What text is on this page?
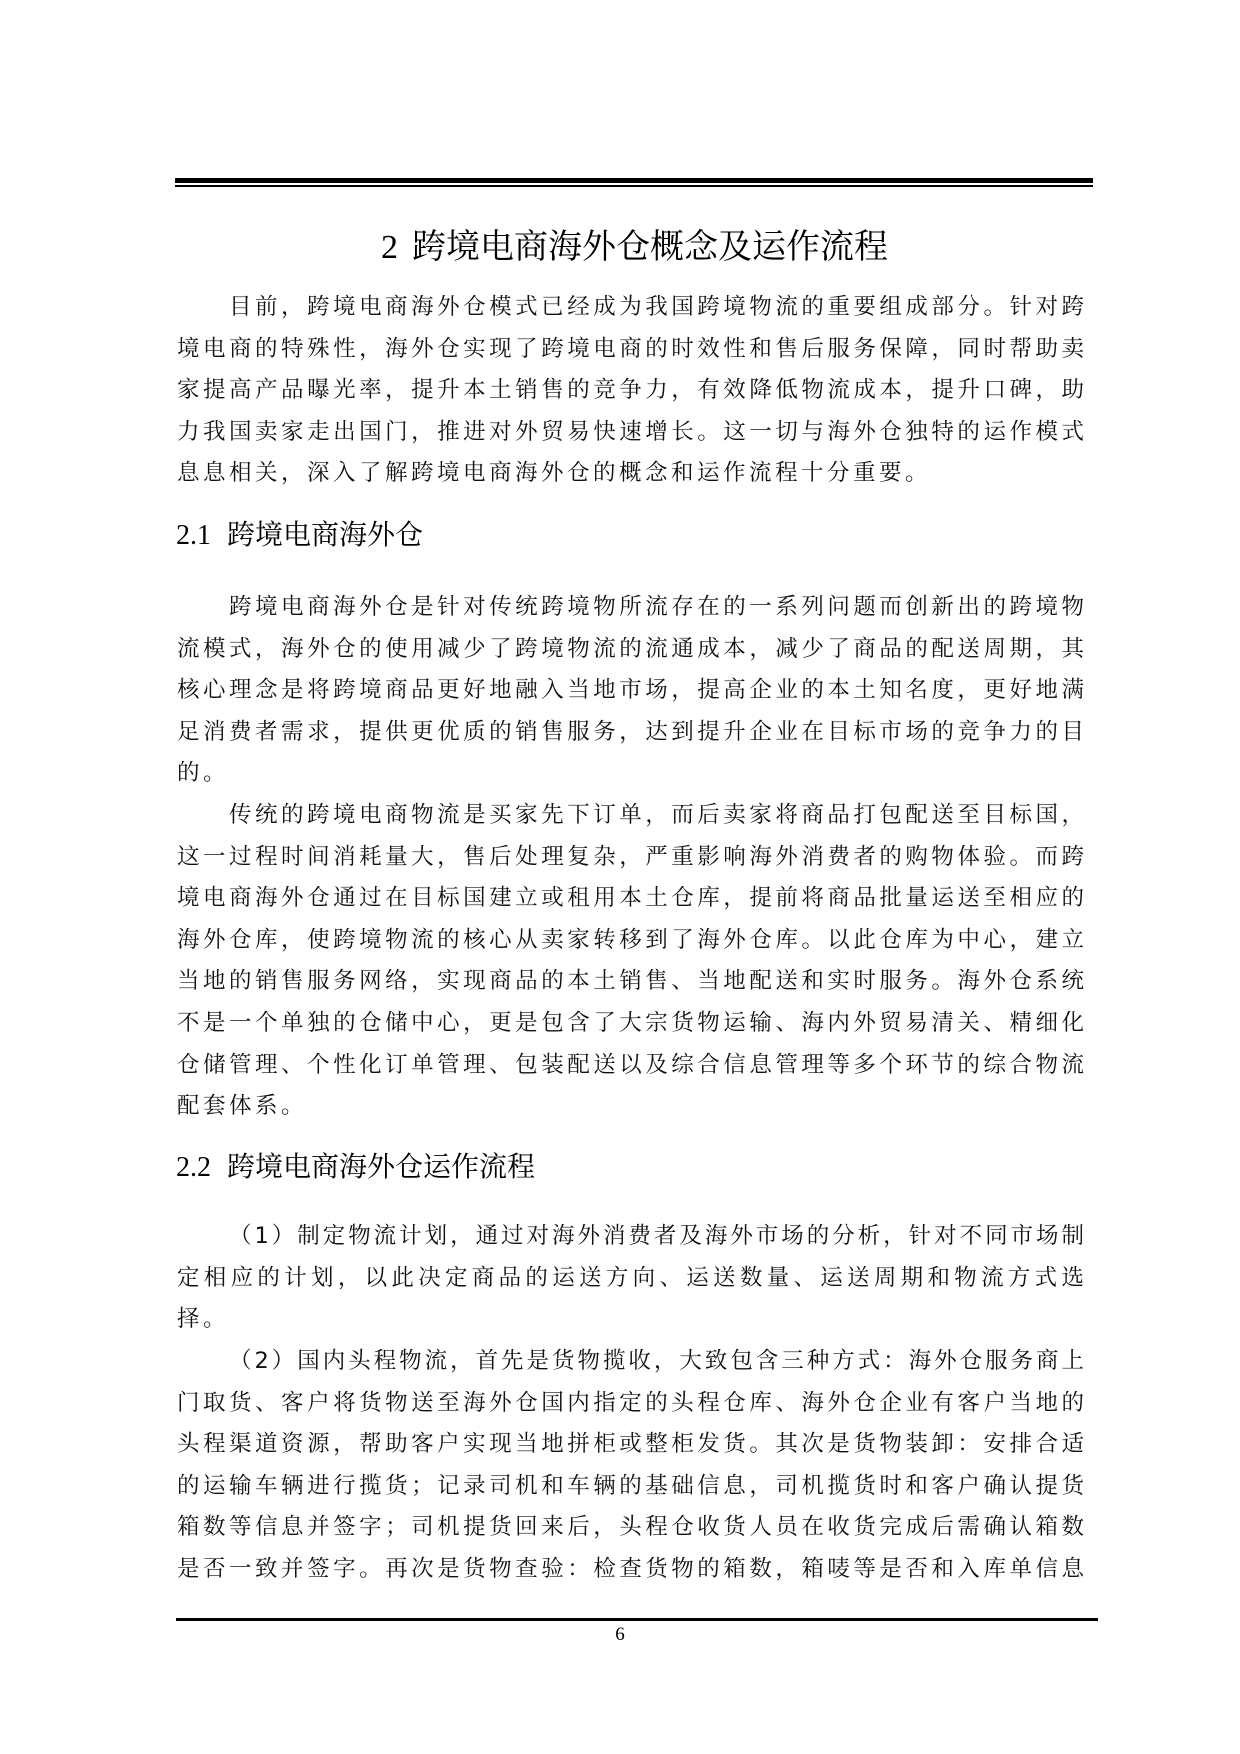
2 跨境电商海外仓概念及运作流程
目前，跨境电商海外仓模式已经成为我国跨境物流的重要组成部分。针对跨
境电商的特殊性，海外仓实现了跨境电商的时效性和售后服务保障，同时帮助卖
家提高产品曝光率，提升本土销售的竞争力，有效降低物流成本，提升口碑，助
力我国卖家走出国门，推进对外贸易快速增长。这一切与海外仓独特的运作模式
息息相关，深入了解跨境电商海外仓的概念和运作流程十分重要。
2.1 跨境电商海外仓
跨境电商海外仓是针对传统跨境物所流存在的一系列问题而创新出的跨境物
流模式，海外仓的使用减少了跨境物流的流通成本，减少了商品的配送周期，其
核心理念是将跨境商品更好地融入当地市场，提高企业的本土知名度，更好地满
足消费者需求，提供更优质的销售服务，达到提升企业在目标市场的竞争力的目
的。
传统的跨境电商物流是买家先下订单，而后卖家将商品打包配送至目标国，
这一过程时间消耗量大，售后处理复杂，严重影响海外消费者的购物体验。而跨
境电商海外仓通过在目标国建立或租用本土仓库，提前将商品批量运送至相应的
海外仓库，使跨境物流的核心从卖家转移到了海外仓库。以此仓库为中心，建立
当地的销售服务网络，实现商品的本土销售、当地配送和实时服务。海外仓系统
不是一个单独的仓储中心，更是包含了大宗货物运输、海内外贸易清关、精细化
仓储管理、个性化订单管理、包装配送以及综合信息管理等多个环节的综合物流
配套体系。
2.2 跨境电商海外仓运作流程
（1）制定物流计划，通过对海外消费者及海外市场的分析，针对不同市场制
定相应的计划，以此决定商品的运送方向、运送数量、运送周期和物流方式选
择。
（2）国内头程物流，首先是货物揽收，大致包含三种方式：海外仓服务商上
门取货、客户将货物送至海外仓国内指定的头程仓库、海外仓企业有客户当地的
头程渠道资源，帮助客户实现当地拼柜或整柜发货。其次是货物装卸：安排合适
的运输车辆进行揽货；记录司机和车辆的基础信息，司机揽货时和客户确认提货
箱数等信息并签字；司机提货回来后，头程仓收货人员在收货完成后需确认箱数
是否一致并签字。再次是货物查验：检查货物的箱数，箱唛等是否和入库单信息
6
